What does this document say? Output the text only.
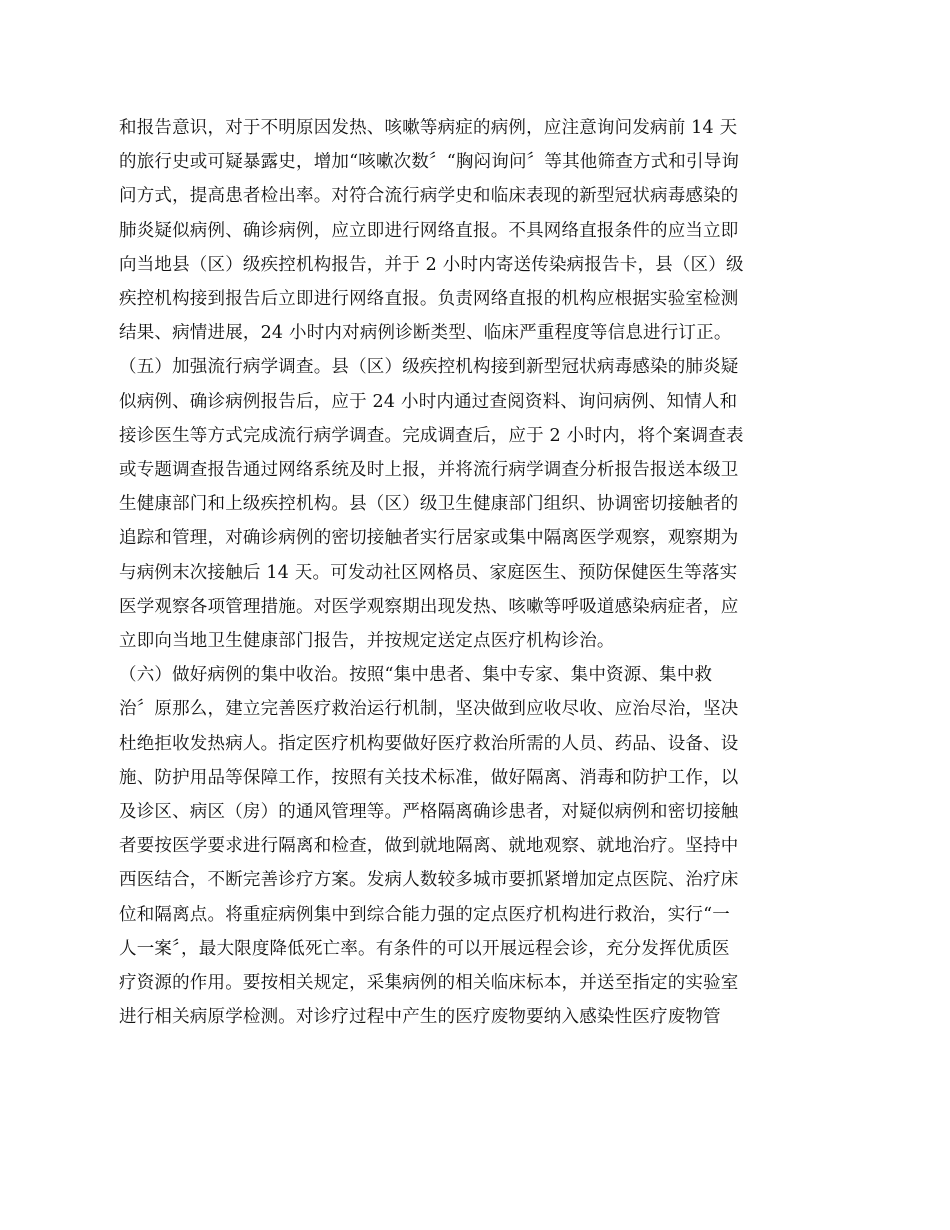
和报告意识，对于不明原因发热、咳嗽等病症的病例，应注意询问发病前 14 天
的旅行史或可疑暴露史，增加“咳嗽次数〞“胸闷询问〞等其他筛查方式和引导询
问方式，提高患者检出率。对符合流行病学史和临床表现的新型冠状病毒感染的
肺炎疑似病例、确诊病例，应立即进行网络直报。不具网络直报条件的应当立即
向当地县（区）级疾控机构报告，并于 2 小时内寄送传染病报告卡，县（区）级
疾控机构接到报告后立即进行网络直报。负责网络直报的机构应根据实验室检测
结果、病情进展，24 小时内对病例诊断类型、临床严重程度等信息进行订正。
（五）加强流行病学调查。县（区）级疾控机构接到新型冠状病毒感染的肺炎疑
似病例、确诊病例报告后，应于 24 小时内通过查阅资料、询问病例、知情人和
接诊医生等方式完成流行病学调查。完成调查后，应于 2 小时内，将个案调查表
或专题调查报告通过网络系统及时上报，并将流行病学调查分析报告报送本级卫
生健康部门和上级疾控机构。县（区）级卫生健康部门组织、协调密切接触者的
追踪和管理，对确诊病例的密切接触者实行居家或集中隔离医学观察，观察期为
与病例末次接触后 14 天。可发动社区网格员、家庭医生、预防保健医生等落实
医学观察各项管理措施。对医学观察期出现发热、咳嗽等呼吸道感染病症者，应
立即向当地卫生健康部门报告，并按规定送定点医疗机构诊治。
（六）做好病例的集中收治。按照“集中患者、集中专家、集中资源、集中救
治〞原那么，建立完善医疗救治运行机制，坚决做到应收尽收、应治尽治，坚决
杜绝拒收发热病人。指定医疗机构要做好医疗救治所需的人员、药品、设备、设
施、防护用品等保障工作，按照有关技术标准，做好隔离、消毒和防护工作，以
及诊区、病区（房）的通风管理等。严格隔离确诊患者，对疑似病例和密切接触
者要按医学要求进行隔离和检查，做到就地隔离、就地观察、就地治疗。坚持中
西医结合，不断完善诊疗方案。发病人数较多城市要抓紧增加定点医院、治疗床
位和隔离点。将重症病例集中到综合能力强的定点医疗机构进行救治，实行“一
人一案〞，最大限度降低死亡率。有条件的可以开展远程会诊，充分发挥优质医
疗资源的作用。要按相关规定，采集病例的相关临床标本，并送至指定的实验室
进行相关病原学检测。对诊疗过程中产生的医疗废物要纳入感染性医疗废物管
